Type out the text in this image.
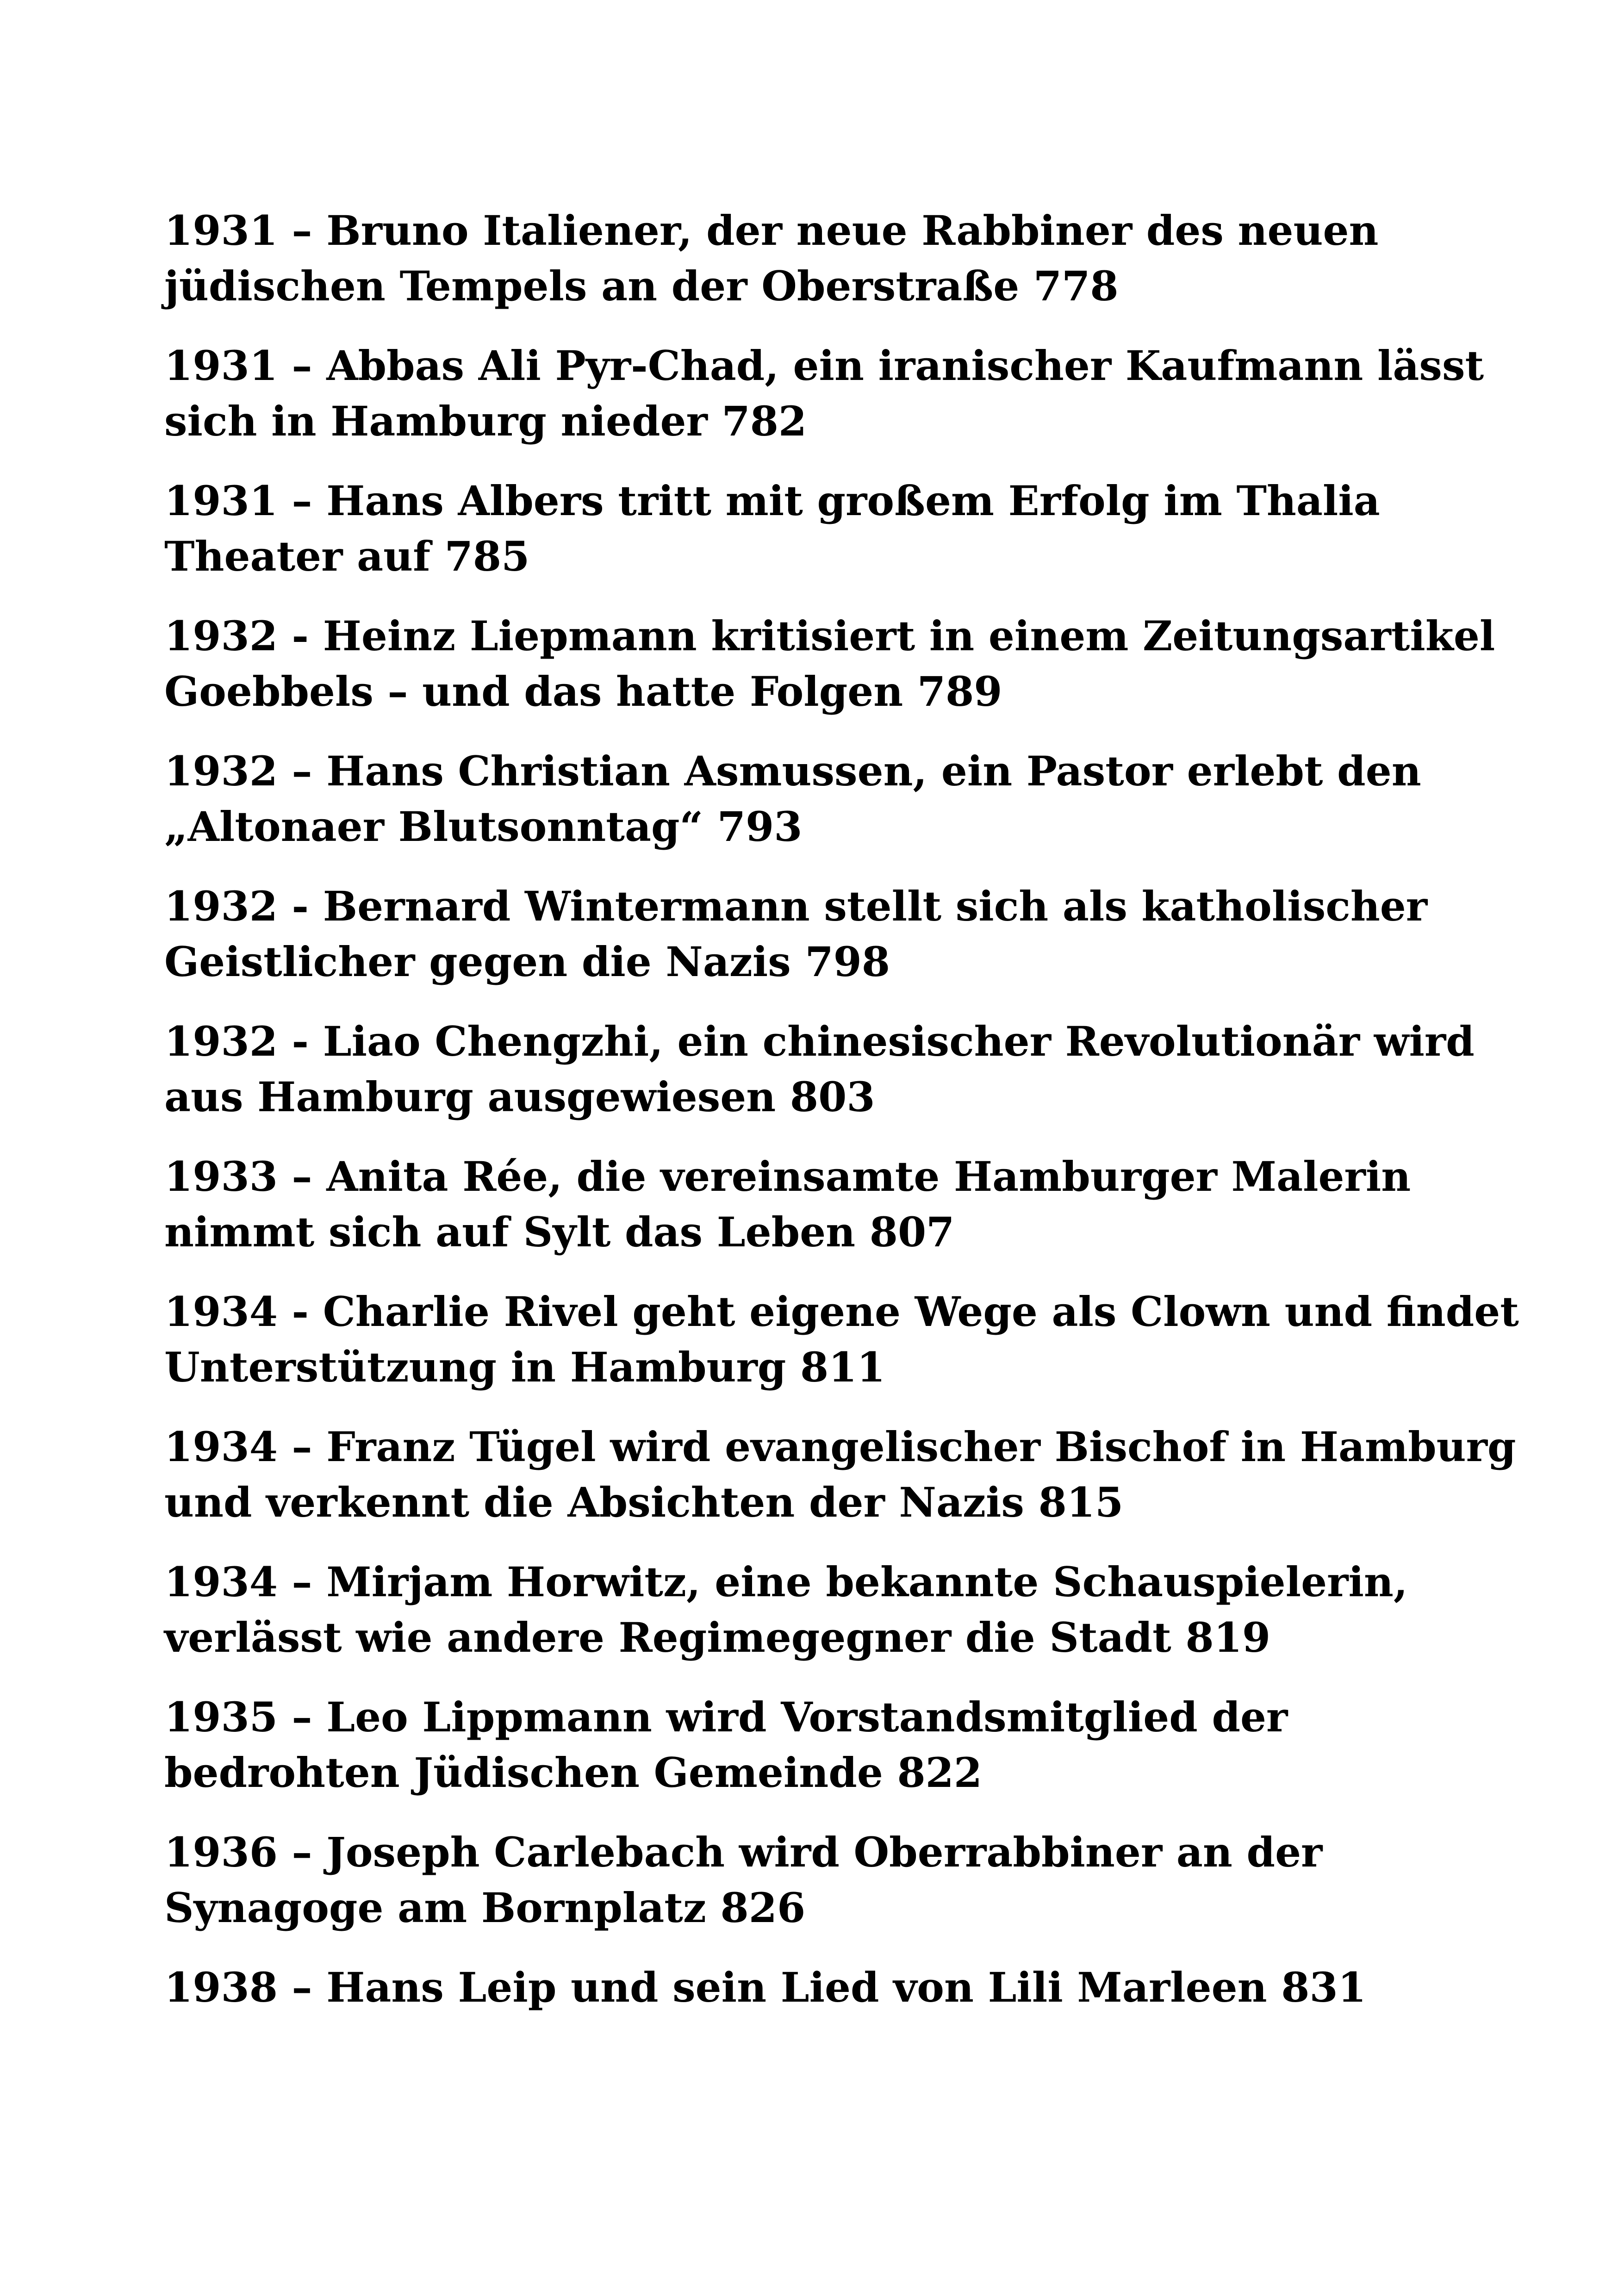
1931 – Bruno Italiener, der neue Rabbiner des neuen
jüdischen Tempels an der Oberstraße 778
1931 – Abbas Ali Pyr-Chad, ein iranischer Kaufmann lässt
sich in Hamburg nieder 782
1931 – Hans Albers tritt mit großem Erfolg im Thalia
Theater auf 785
1932 - Heinz Liepmann kritisiert in einem Zeitungsartikel
Goebbels – und das hatte Folgen 789
1932 – Hans Christian Asmussen, ein Pastor erlebt den
„Altonaer Blutsonntag“ 793
1932 - Bernard Wintermann stellt sich als katholischer
Geistlicher gegen die Nazis 798
1932 - Liao Chengzhi, ein chinesischer Revolutionär wird
aus Hamburg ausgewiesen 803
1933 – Anita Rée, die vereinsamte Hamburger Malerin
nimmt sich auf Sylt das Leben 807
1934 - Charlie Rivel geht eigene Wege als Clown und findet
Unterstützung in Hamburg 811
1934 – Franz Tügel wird evangelischer Bischof in Hamburg
und verkennt die Absichten der Nazis 815
1934 – Mirjam Horwitz, eine bekannte Schauspielerin,
verlässt wie andere Regimegegner die Stadt 819
1935 – Leo Lippmann wird Vorstandsmitglied der
bedrohten Jüdischen Gemeinde 822
1936 – Joseph Carlebach wird Oberrabbiner an der
Synagoge am Bornplatz 826
1938 – Hans Leip und sein Lied von Lili Marleen 831
